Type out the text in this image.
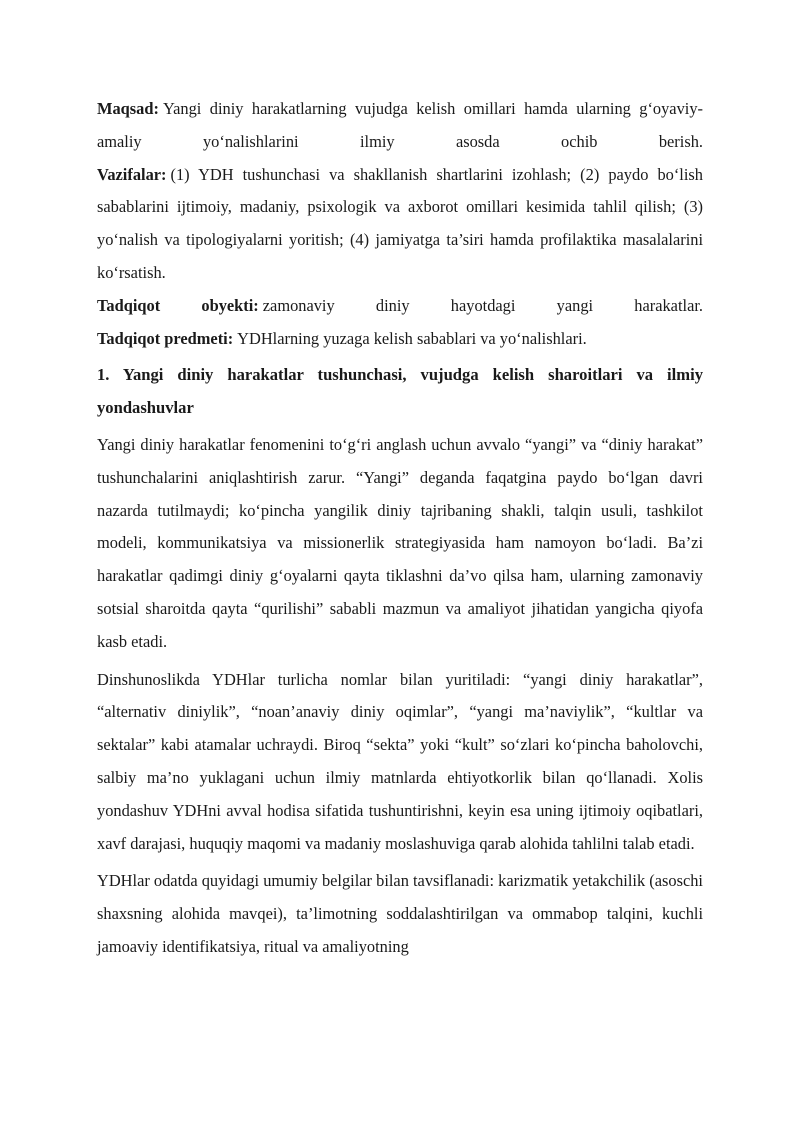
Maqsad: Yangi diniy harakatlarning vujudga kelish omillari hamda ularning g‘oyaviy-amaliy yo‘nalishlarini ilmiy asosda ochib berish.

Vazifalar: (1) YDH tushunchasi va shakllanish shartlarini izohlash; (2) paydo bo‘lish sabablarini ijtimoiy, madaniy, psixologik va axborot omillari kesimida tahlil qilish; (3) yo‘nalish va tipologiyalarni yoritish; (4) jamiyatga ta’siri hamda profilaktika masalalarini ko‘rsatish.

Tadqiqot obyekti: zamonaviy diniy hayotdagi yangi harakatlar.

Tadqiqot predmeti: YDHlarning yuzaga kelish sabablari va yo‘nalishlari.

1. Yangi diniy harakatlar tushunchasi, vujudga kelish sharoitlari va ilmiy yondashuvlar

Yangi diniy harakatlar fenomenini to‘g‘ri anglash uchun avvalo “yangi” va “diniy harakat” tushunchalarini aniqlashtirish zarur. “Yangi” deganda faqatgina paydo bo‘lgan davri nazarda tutilmaydi; ko‘pincha yangilik diniy tajribaning shakli, talqin usuli, tashkilot modeli, kommunikatsiya va missionerlik strategiyasida ham namoyon bo‘ladi. Ba’zi harakatlar qadimgi diniy g‘oyalarni qayta tiklashni da’vo qilsa ham, ularning zamonaviy sotsial sharoitda qayta “qurilishi” sababli mazmun va amaliyot jihatidan yangicha qiyofa kasb etadi.

Dinshunoslikda YDHlar turlicha nomlar bilan yuritiladi: “yangi diniy harakatlar”, “alternativ diniylik”, “noan’anaviy diniy oqimlar”, “yangi ma’naviylik”, “kultlar va sektalar” kabi atamalar uchraydi. Biroq “sekta” yoki “kult” so‘zlari ko‘pincha baholovchi, salbiy ma’no yuklagani uchun ilmiy matnlarda ehtiyotkorlik bilan qo‘llanadi. Xolis yondashuv YDHni avval hodisa sifatida tushuntirishni, keyin esa uning ijtimoiy oqibatlari, xavf darajasi, huquqiy maqomi va madaniy moslashuviga qarab alohida tahlilni talab etadi.

YDHlar odatda quyidagi umumiy belgilar bilan tavsiflanadi: karizmatik yetakchilik (asoschi shaxsning alohida mavqei), ta’limotning soddalashtirilgan va ommabop talqini, kuchli jamoaviy identifikatsiya, ritual va amaliyotning
